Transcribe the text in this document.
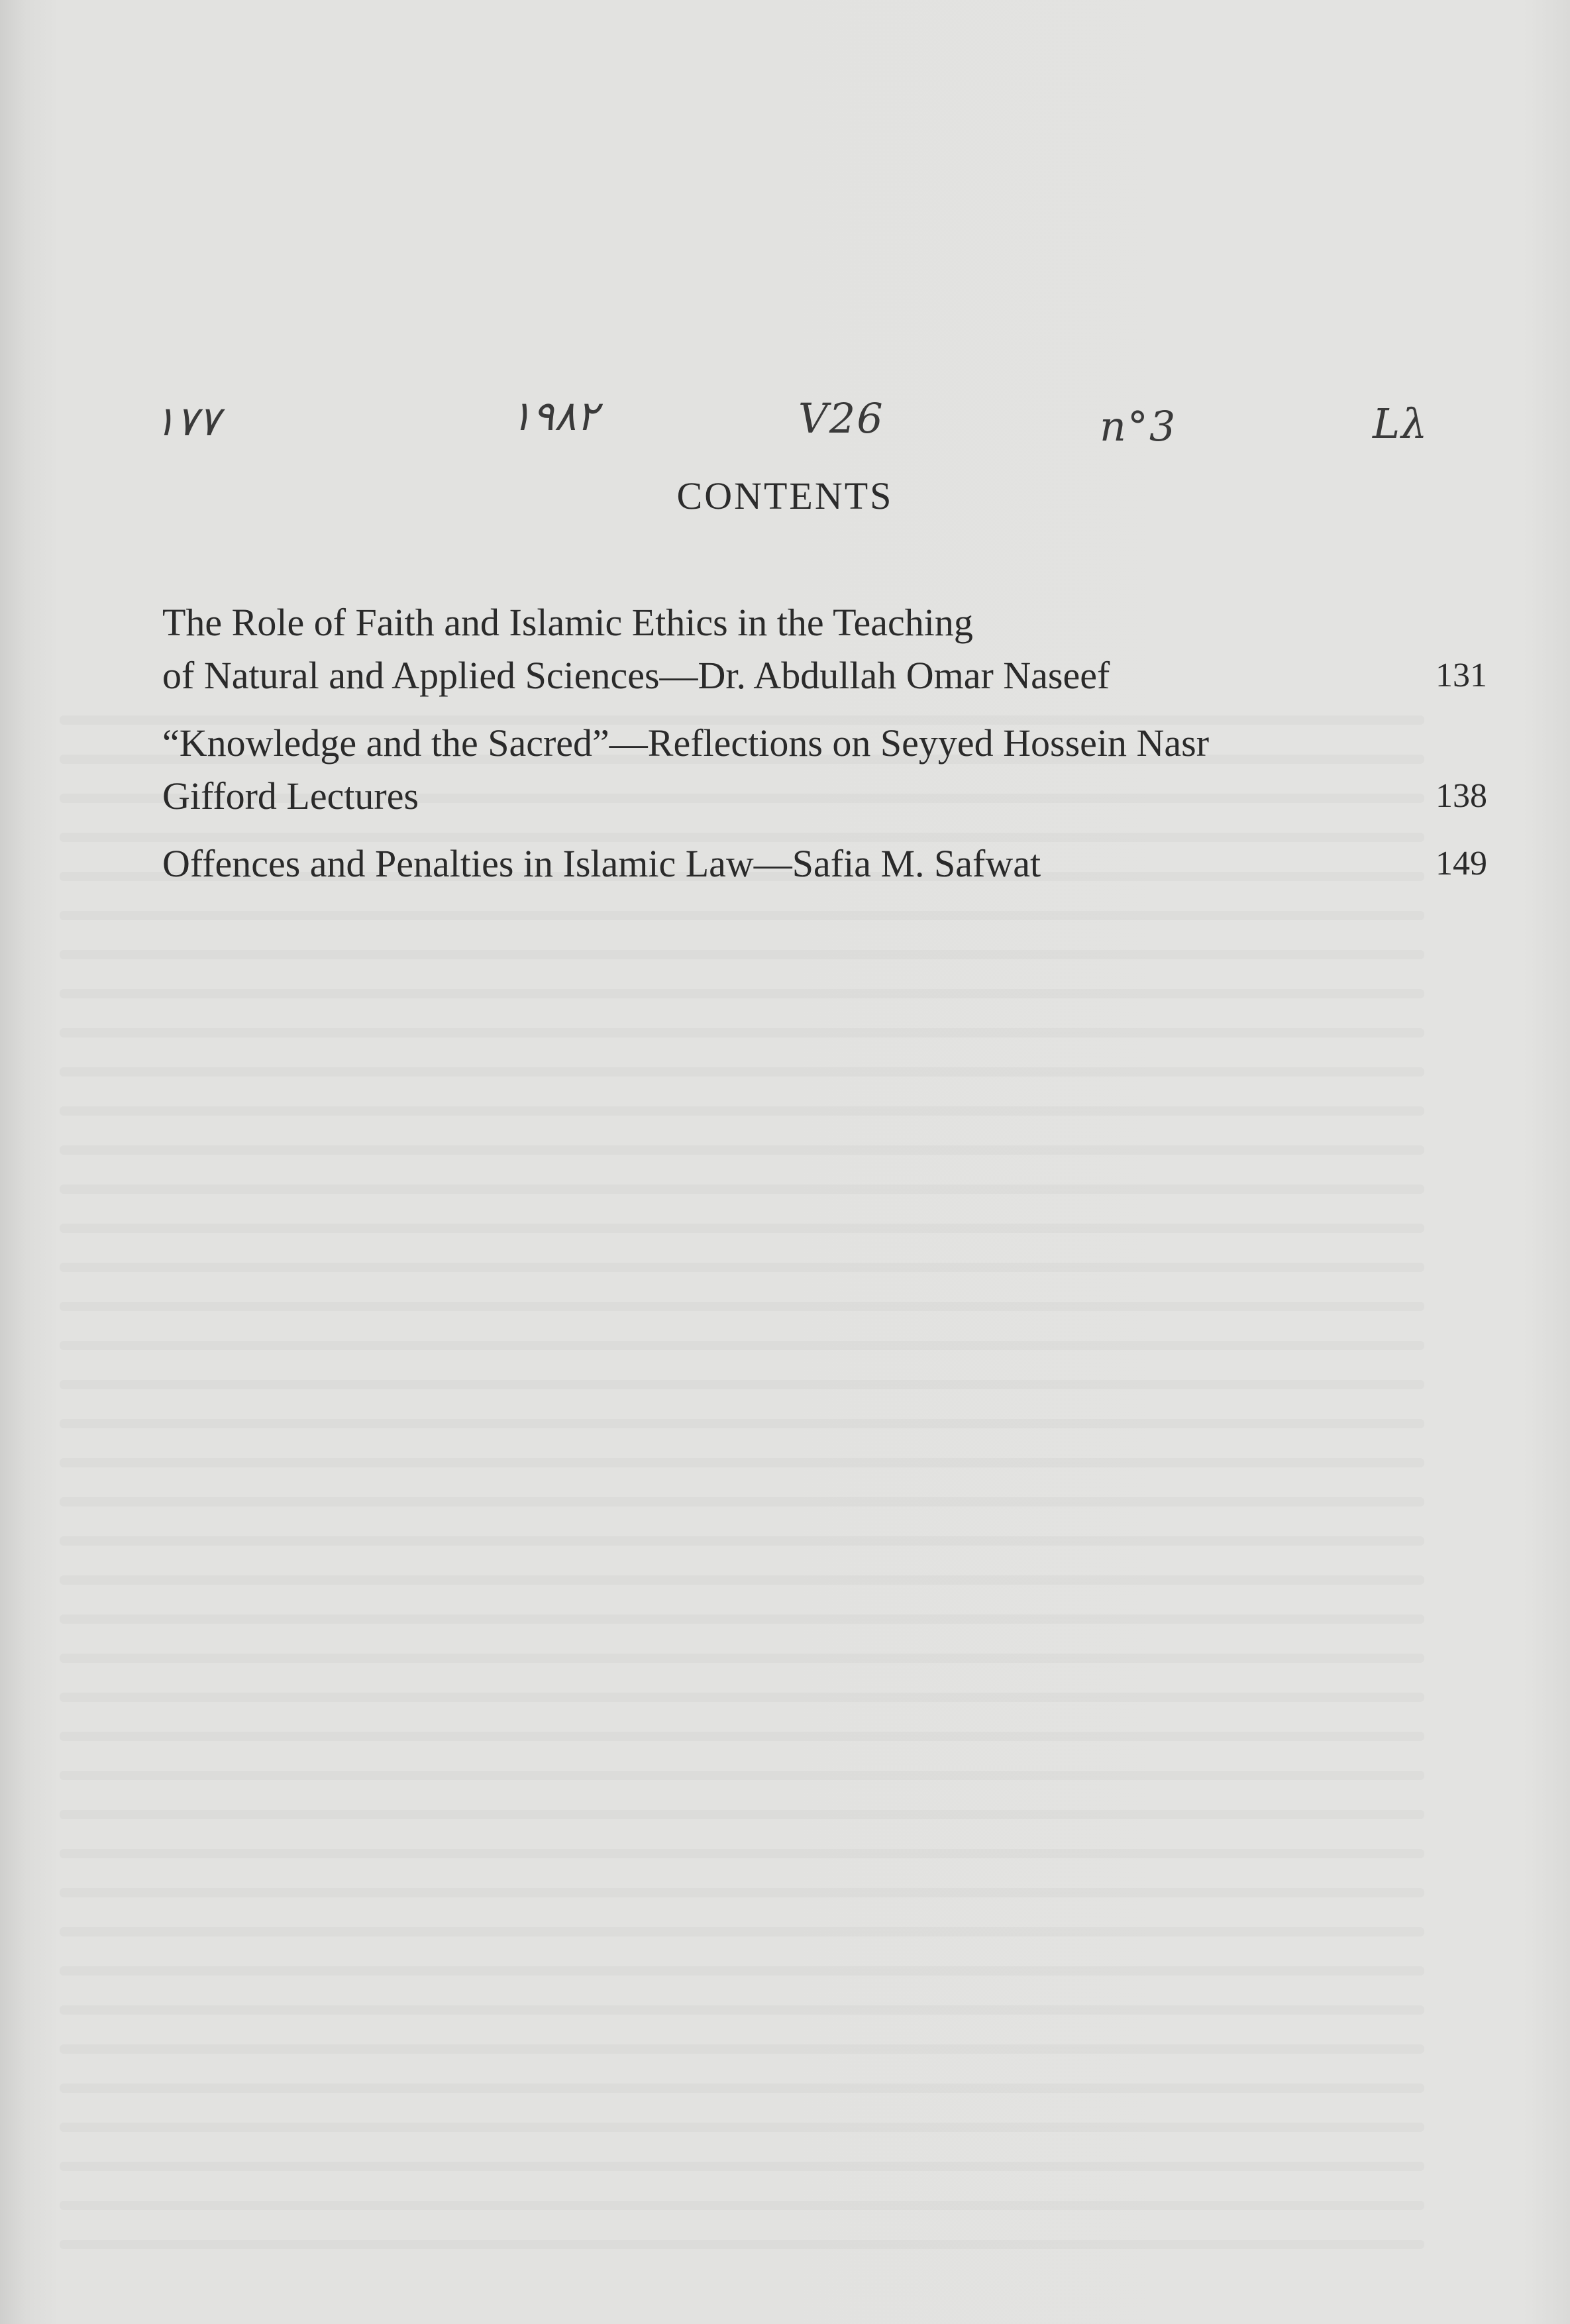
١٧٧	١٩٨٢	V26	n°3	Lλ
CONTENTS
The Role of Faith and Islamic Ethics in the Teaching
of Natural and Applied Sciences—Dr. Abdullah Omar Naseef	131
“Knowledge and the Sacred”—Reflections on Seyyed Hossein Nasr
Gifford Lectures	138
Offences and Penalties in Islamic Law—Safia M. Safwat	149
